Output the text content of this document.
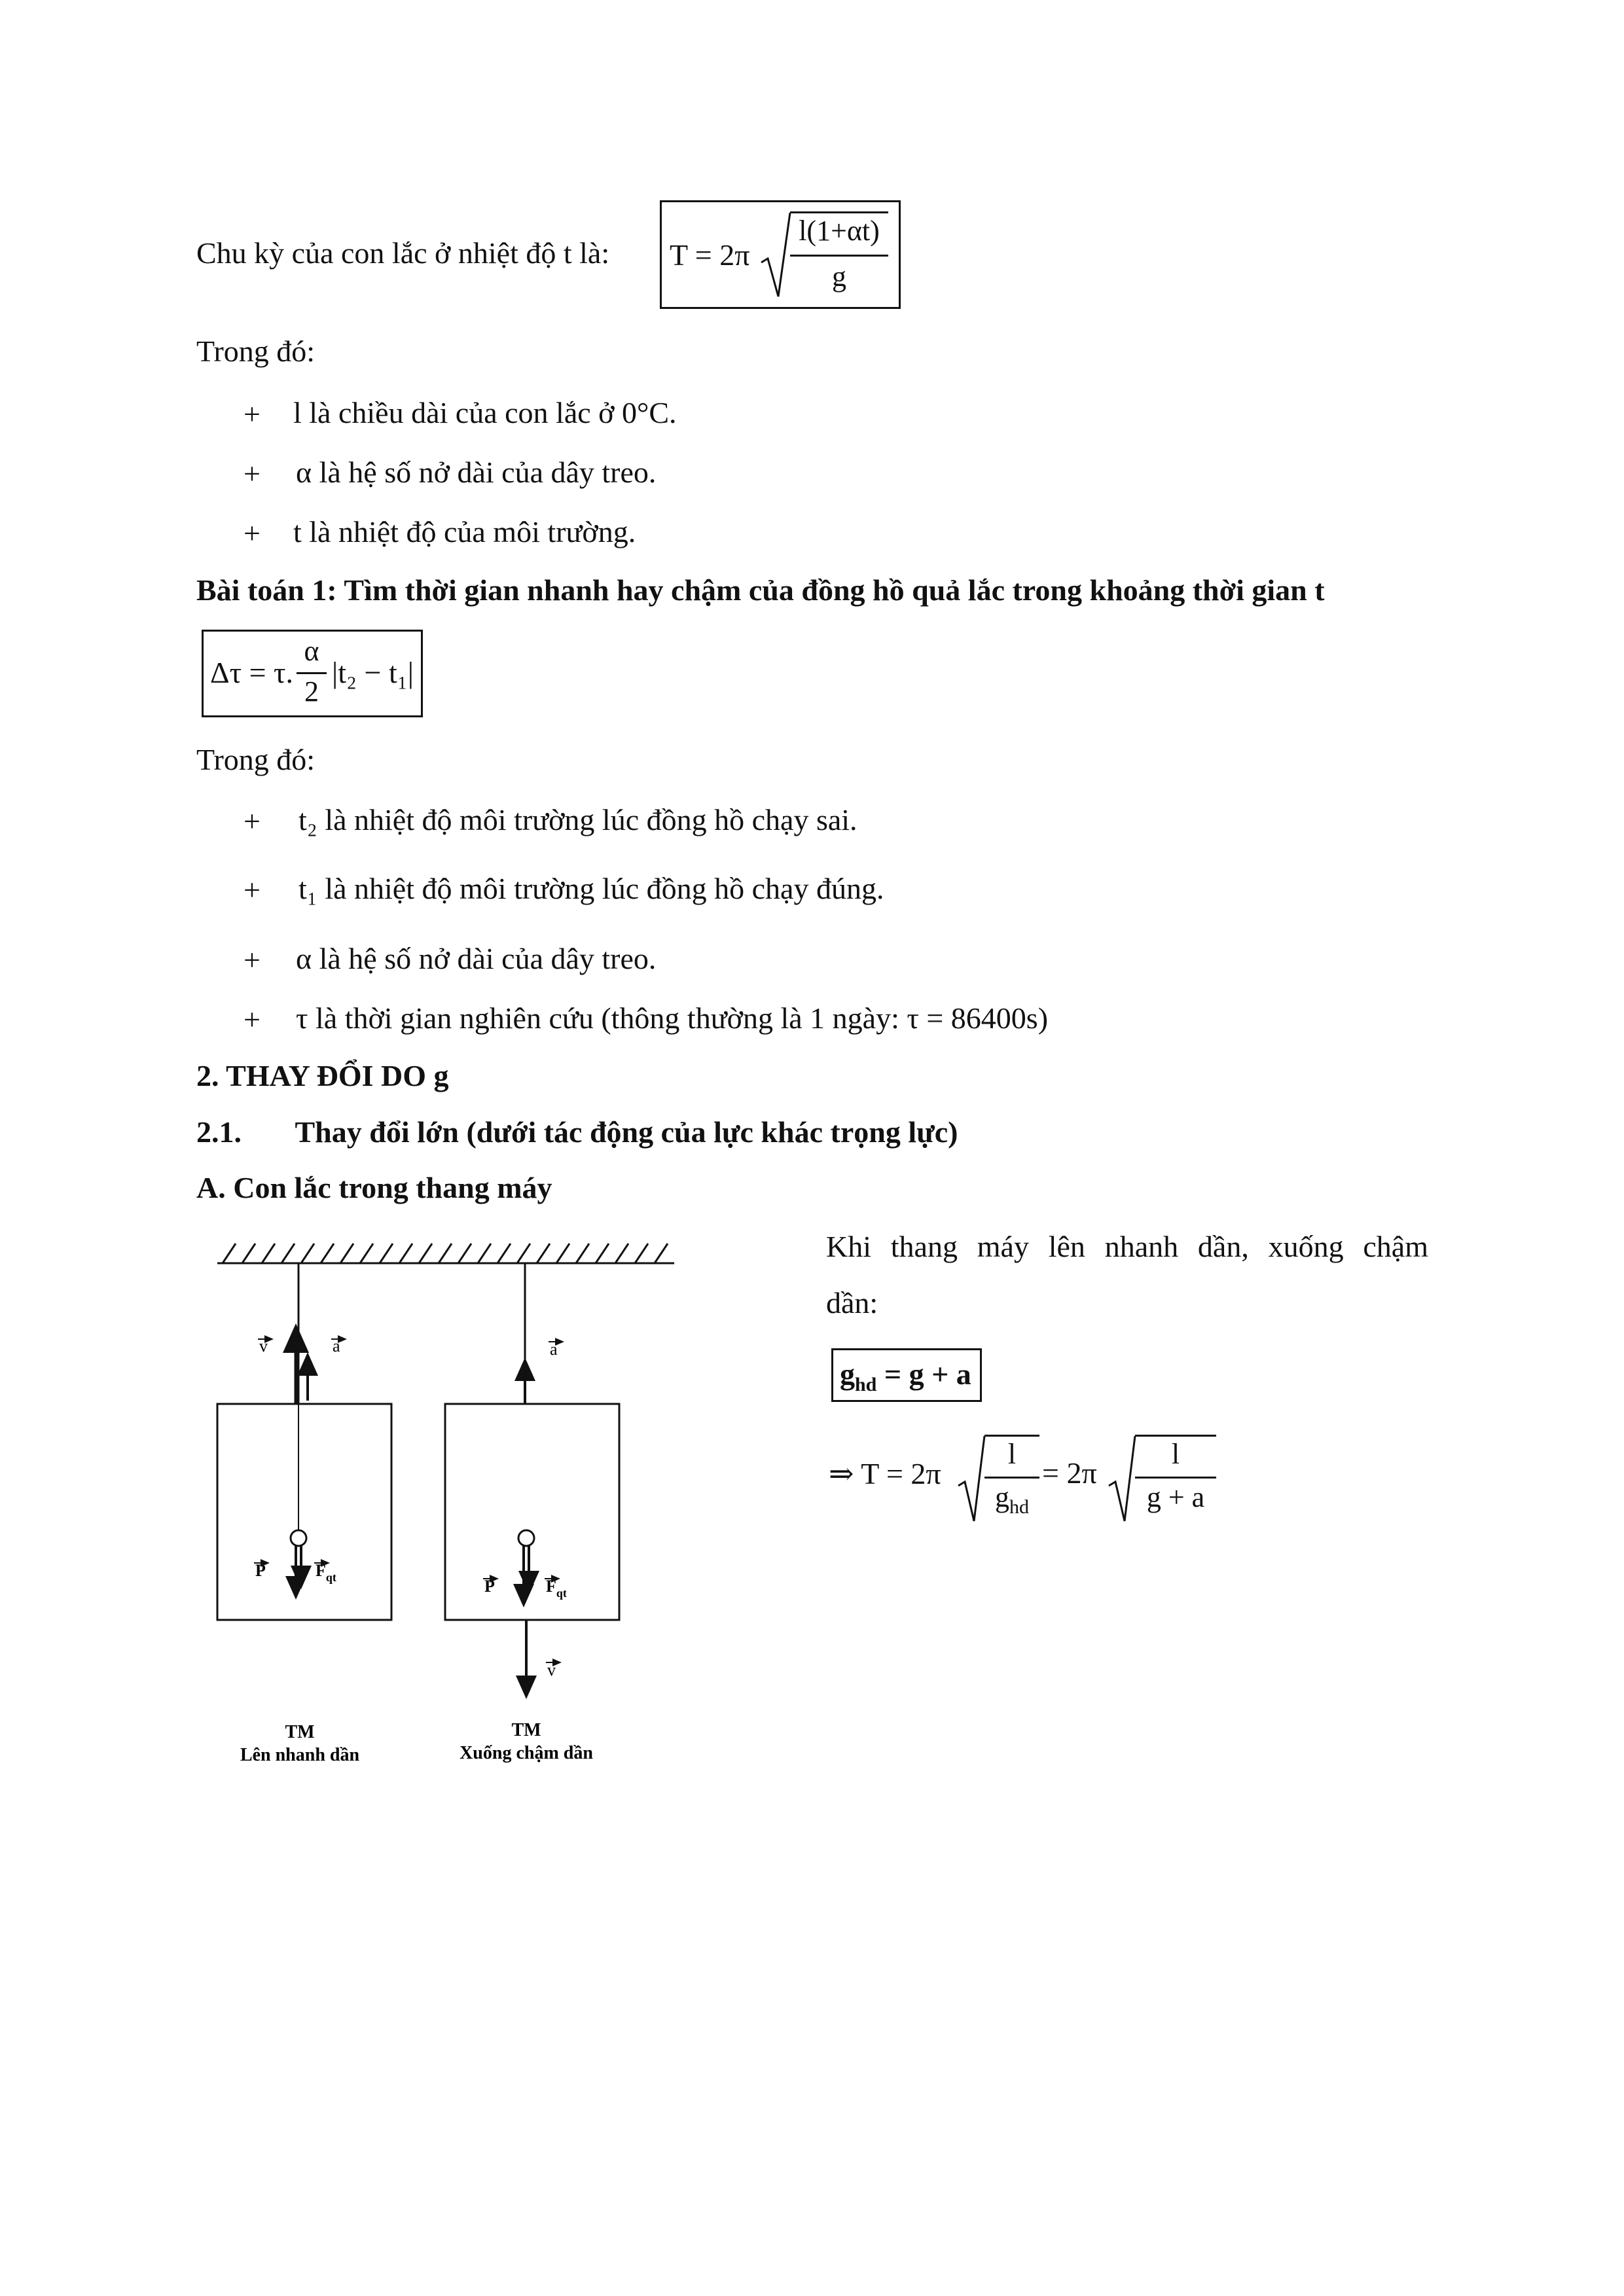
Chu kỳ của con lắc ở nhiệt độ t là: T = 2π
l(1+αt)
g
Trong đó:
+ l là chiều dài của con lắc ở 0°C.
+ α là hệ số nở dài của dây treo.
+ t là nhiệt độ của môi trường.
Bài toán 1: Tìm thời gian nhanh hay chậm của đồng hồ quả lắc trong khoảng thời gian t
Δτ = τ.
α
2
|t₂ − t₁|
Trong đó:
+ t₂ là nhiệt độ môi trường lúc đồng hồ chạy sai.
+ t₁ là nhiệt độ môi trường lúc đồng hồ chạy đúng.
+ α là hệ số nở dài của dây treo.
+ τ là thời gian nghiên cứu (thông thường là 1 ngày: τ = 86400s)
2. THAY ĐỔI DO g
2.1. Thay đổi lớn (dưới tác động của lực khác trọng lực)
A. Con lắc trong thang máy
Khi thang máy lên nhanh dần, xuống chậm
dần:
$g_{hd} = g + a$
⇒ T = 2π
l
$g_{hd}$
= 2π
l
g + a
v	a
P	$F_{qt}$
TM
Lên nhanh dần
a
P	$F_{qt}$
v
TM
Xuống chậm dần
